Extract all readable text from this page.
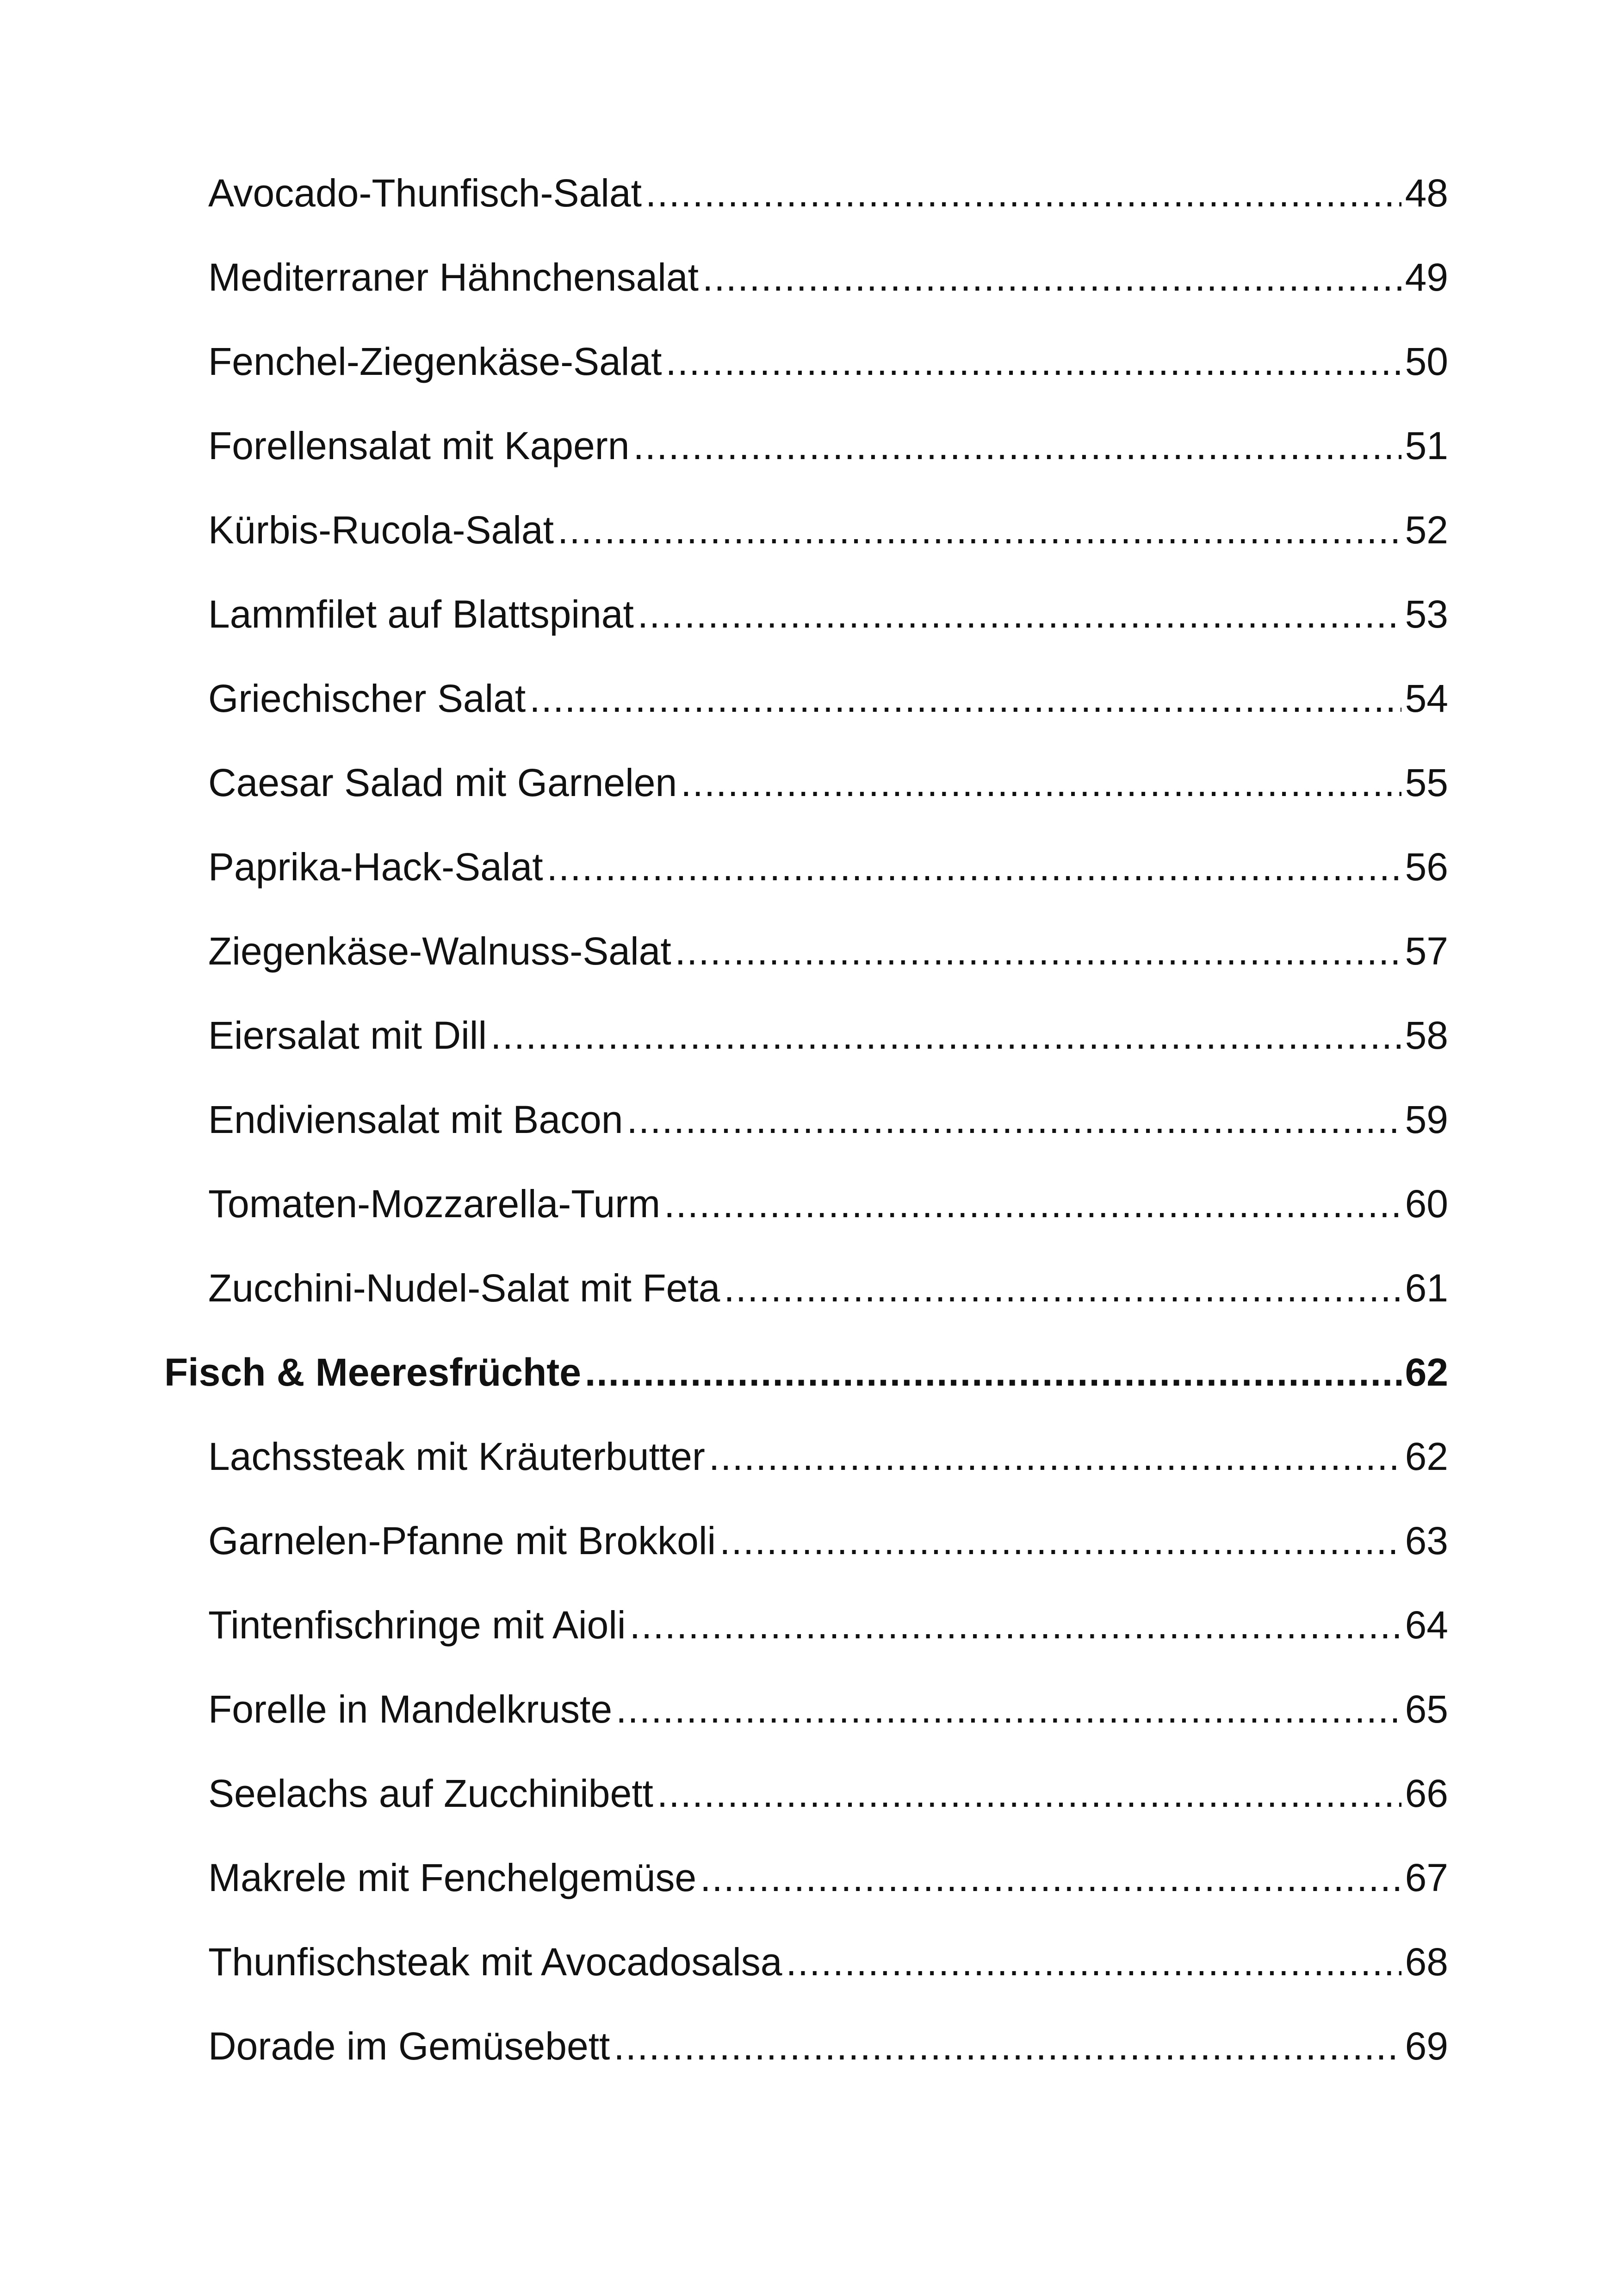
Avocado-Thunfisch-Salat .....	48
Mediterraner Hähnchensalat .....	49
Fenchel-Ziegenkäse-Salat .....	50
Forellensalat mit Kapern .....	51
Kürbis-Rucola-Salat .....	52
Lammfilet auf Blattspinat .....	53
Griechischer Salat .....	54
Caesar Salad mit Garnelen .....	55
Paprika-Hack-Salat .....	56
Ziegenkäse-Walnuss-Salat .....	57
Eiersalat mit Dill .....	58
Endiviensalat mit Bacon .....	59
Tomaten-Mozzarella-Turm .....	60
Zucchini-Nudel-Salat mit Feta .....	61
Fisch & Meeresfrüchte .....	62
Lachssteak mit Kräuterbutter .....	62
Garnelen-Pfanne mit Brokkoli .....	63
Tintenfischringe mit Aioli .....	64
Forelle in Mandelkruste .....	65
Seelachs auf Zucchinibett .....	66
Makrele mit Fenchelgemüse .....	67
Thunfischsteak mit Avocadosalsa .....	68
Dorade im Gemüsebett .....	69
